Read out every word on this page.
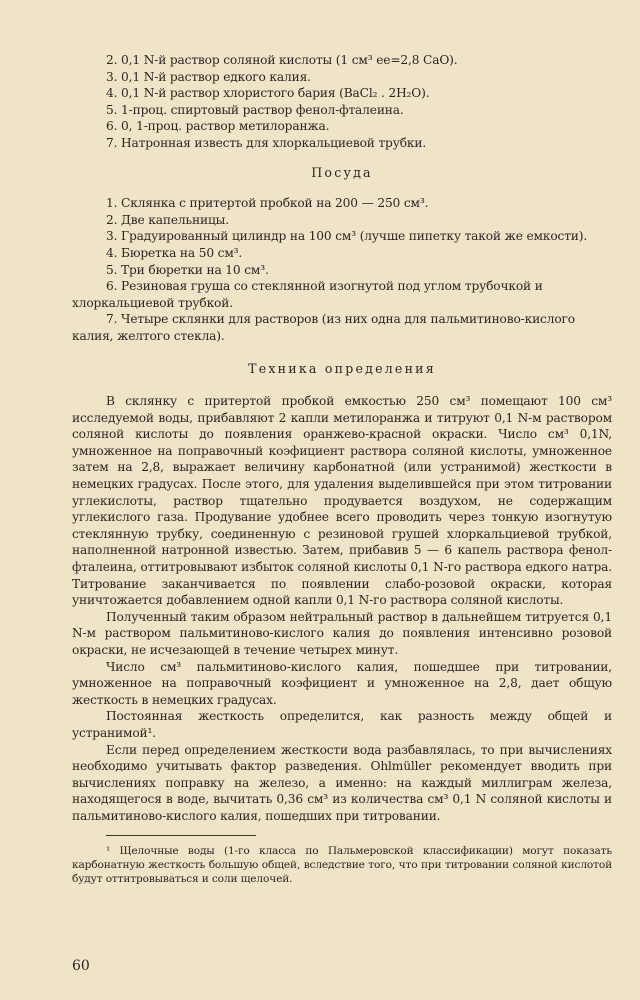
2. 0,1 N-й раствор соляной кислоты (1 см³ ее=2,8 CaO).
3. 0,1 N-й раствор едкого калия.
4. 0,1 N-й раствор хлористого бария (BaCl₂ . 2H₂O).
5. 1-проц. спиртовый раствор фенол-фталеина.
6. 0, 1-проц. раствор метилоранжа.
7. Натронная известь для хлоркальциевой трубки.
Посуда
1. Склянка с притертой пробкой на 200 — 250 см³.
2. Две капельницы.
3. Градуированный цилиндр на 100 см³ (лучше пипетку такой же емкости).
4. Бюретка на 50 см³.
5. Три бюретки на 10 см³.
6. Резиновая груша со стеклянной изогнутой под углом трубочкой и хлоркальциевой трубкой.
7. Четыре склянки для растворов (из них одна для пальмитиново-кислого калия, желтого стекла).
Техника определения

В склянку с притертой пробкой емкостью 250 см³ помещают 100 см³ исследуемой воды, прибавляют 2 капли метилоранжа и титруют 0,1 N-м раствором соляной кислоты до появления оранжево-красной окраски. Число см³ 0,1N, умноженное на поправочный коэфициент раствора соляной кислоты, умноженное затем на 2,8, выражает величину карбонатной (или устранимой) жесткости в немецких градусах. После этого, для удаления выделившейся при этом титровании углекислоты, раствор тщательно продувается воздухом, не содержащим углекислого газа. Продувание удобнее всего проводить через тонкую изогнутую стеклянную трубку, соединенную с резиновой грушей хлоркальциевой трубкой, наполненной натронной известью. Затем, прибавив 5 — 6 капель раствора фенол-фталеина, оттитровывают избыток соляной кислоты 0,1 N-го раствора едкого натра. Титрование заканчивается по появлении слабо-розовой окраски, которая уничтожается добавлением одной капли 0,1 N-го раствора соляной кислоты.

Полученный таким образом нейтральный раствор в дальнейшем титруется 0,1 N-м раствором пальмитиново-кислого калия до появления интенсивно розовой окраски, не исчезающей в течение четырех минут.

Число см³ пальмитиново-кислого калия, пошедшее при титровании, умноженное на поправочный коэфициент и умноженное на 2,8, дает общую жесткость в немецких градусах.

Постоянная жесткость определится, как разность между общей и устранимой¹.

Если перед определением жесткости вода разбавлялась, то при вычислениях необходимо учитывать фактор разведения. Ohlmüller рекомендует вводить при вычислениях поправку на железо, а именно: на каждый миллиграм железа, находящегося в воде, вычитать 0,36 см³ из количества см³ 0,1 N соляной кислоты и пальмитиново-кислого калия, пошедших при титровании.

¹ Щелочные воды (1-го класса по Пальмеровской классификации) могут показать карбонатную жесткость большую общей, вследствие того, что при титровании соляной кислотой будут оттитровываться и соли щелочей.

60
